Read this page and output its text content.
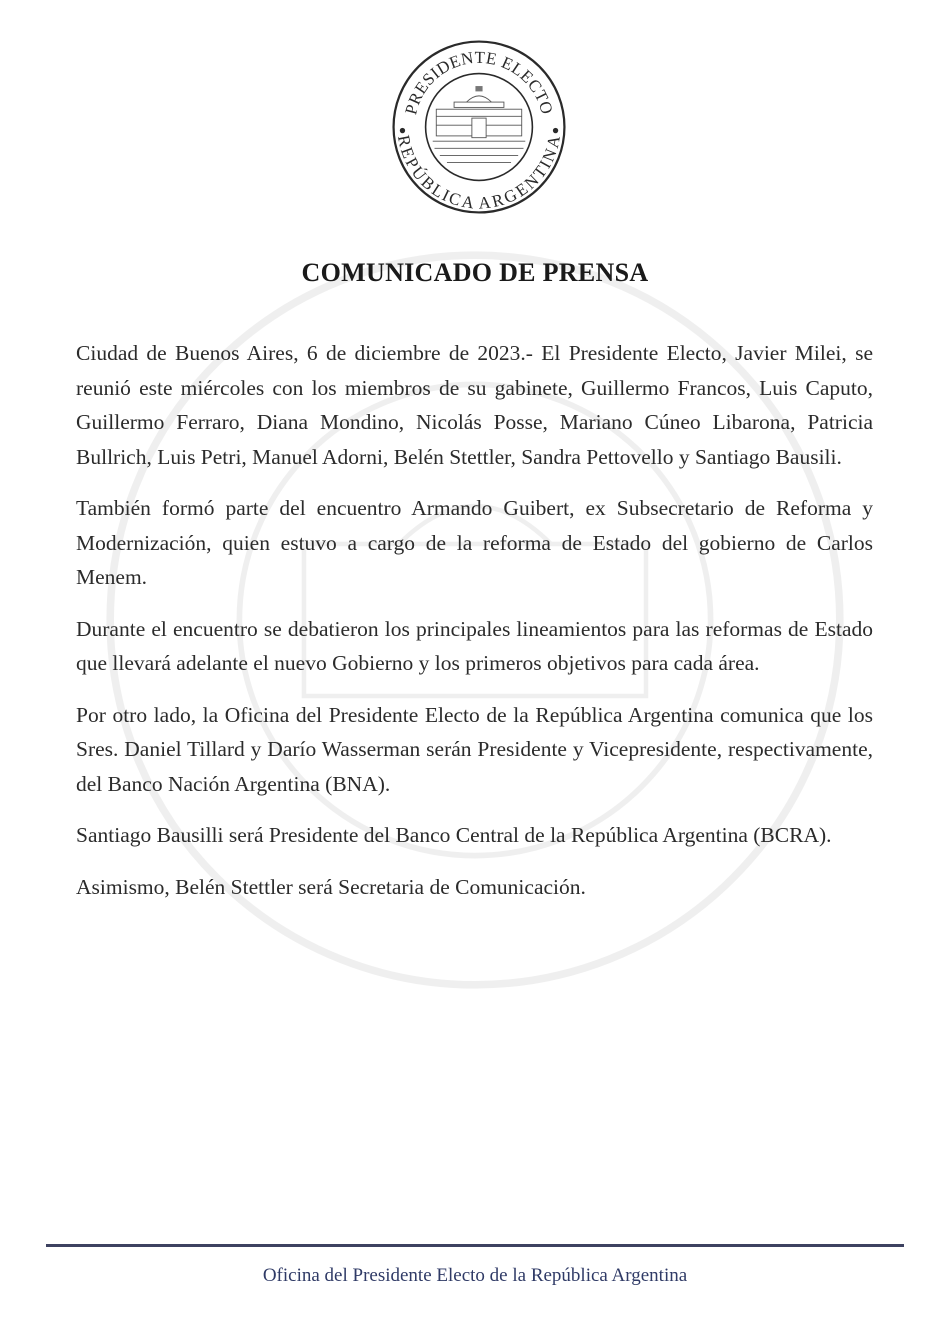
PRESIDENTE ELECTO
REPÚBLICA ARGENTINA
COMUNICADO DE PRENSA

Ciudad de Buenos Aires, 6 de diciembre de 2023.- El Presidente Electo, Javier Milei, se reunió este miércoles con los miembros de su gabinete, Guillermo Francos, Luis Caputo, Guillermo Ferraro, Diana Mondino, Nicolás Posse, Mariano Cúneo Libarona, Patricia Bullrich, Luis Petri, Manuel Adorni, Belén Stettler, Sandra Pettovello y Santiago Bausili.

También formó parte del encuentro Armando Guibert, ex Subsecretario de Reforma y Modernización, quien estuvo a cargo de la reforma de Estado del gobierno de Carlos Menem.

Durante el encuentro se debatieron los principales lineamientos para las reformas de Estado que llevará adelante el nuevo Gobierno y los primeros objetivos para cada área.

Por otro lado, la Oficina del Presidente Electo de la República Argentina comunica que los Sres. Daniel Tillard y Darío Wasserman serán Presidente y Vicepresidente, respectivamente, del Banco Nación Argentina (BNA).

Santiago Bausilli será Presidente del Banco Central de la República Argentina (BCRA).

Asimismo, Belén Stettler será Secretaria de Comunicación.

Oficina del Presidente Electo de la República Argentina
